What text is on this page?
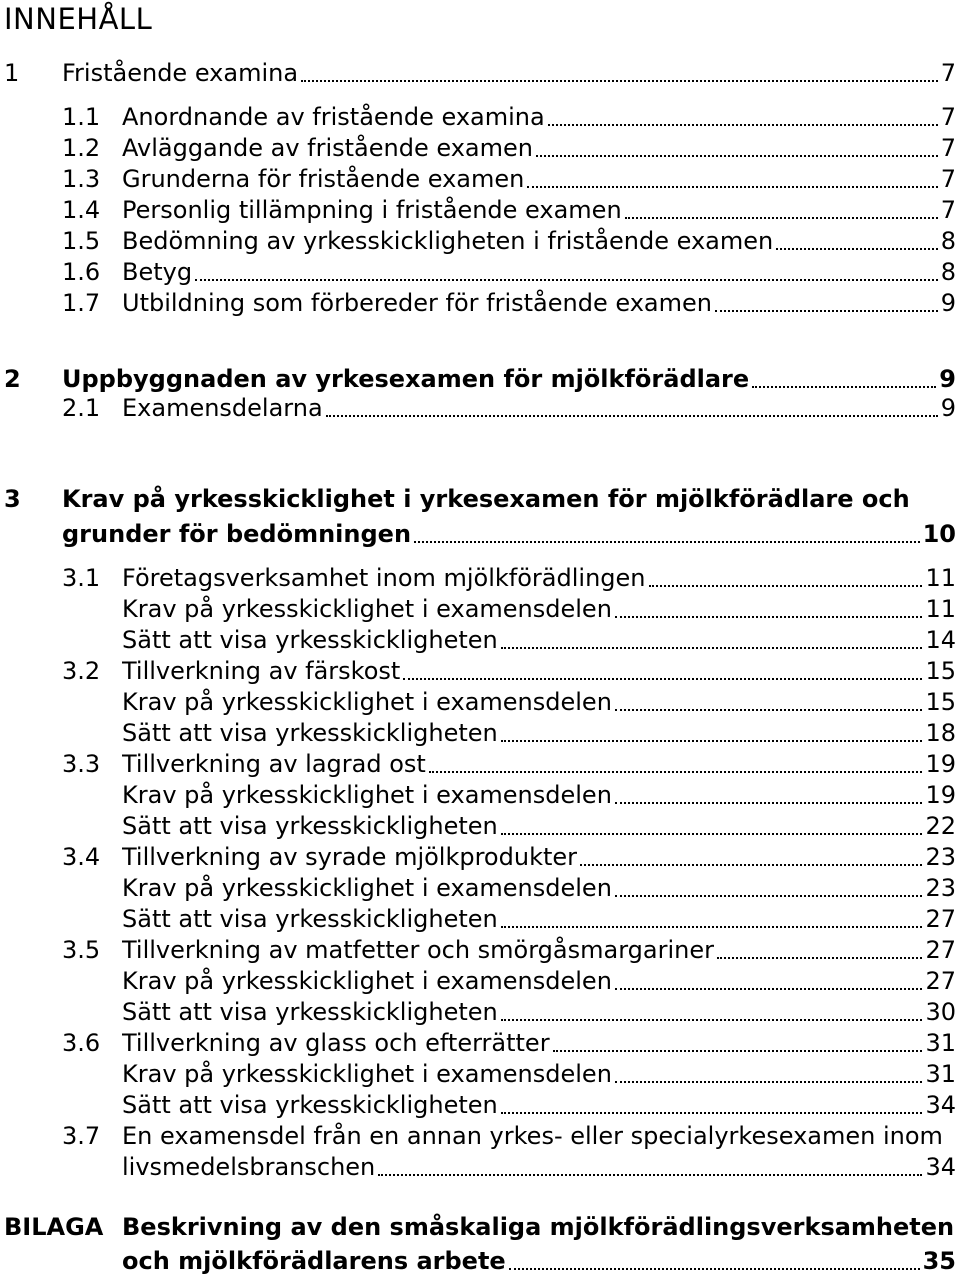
INNEHÅLL
1	Fristående examina	7
1.1 Anordnande av fristående examina	7
1.2 Avläggande av fristående examen	7
1.3 Grunderna för fristående examen	7
1.4 Personlig tillämpning i fristående examen	7
1.5 Bedömning av yrkesskickligheten i fristående examen	8
1.6 Betyg	8
1.7 Utbildning som förbereder för fristående examen	9
2	Uppbyggnaden av yrkesexamen för mjölkförädlare	9
2.1 Examensdelarna	9
3	Krav på yrkesskicklighet i yrkesexamen för mjölkförädlare och
grunder för bedömningen	10
3.1 Företagsverksamhet inom mjölkförädlingen	11
Krav på yrkesskicklighet i examensdelen	11
Sätt att visa yrkesskickligheten	14
3.2 Tillverkning av färskost	15
Krav på yrkesskicklighet i examensdelen	15
Sätt att visa yrkesskickligheten	18
3.3 Tillverkning av lagrad ost	19
Krav på yrkesskicklighet i examensdelen	19
Sätt att visa yrkesskickligheten	22
3.4 Tillverkning av syrade mjölkprodukter	23
Krav på yrkesskicklighet i examensdelen	23
Sätt att visa yrkesskickligheten	27
3.5 Tillverkning av matfetter och smörgåsmargariner	27
Krav på yrkesskicklighet i examensdelen	27
Sätt att visa yrkesskickligheten	30
3.6 Tillverkning av glass och efterrätter	31
Krav på yrkesskicklighet i examensdelen	31
Sätt att visa yrkesskickligheten	34
3.7 En examensdel från en annan yrkes- eller specialyrkesexamen inom
livsmedelsbranschen	34
BILAGA Beskrivning av den småskaliga mjölkförädlingsverksamheten
och mjölkförädlarens arbete	35
